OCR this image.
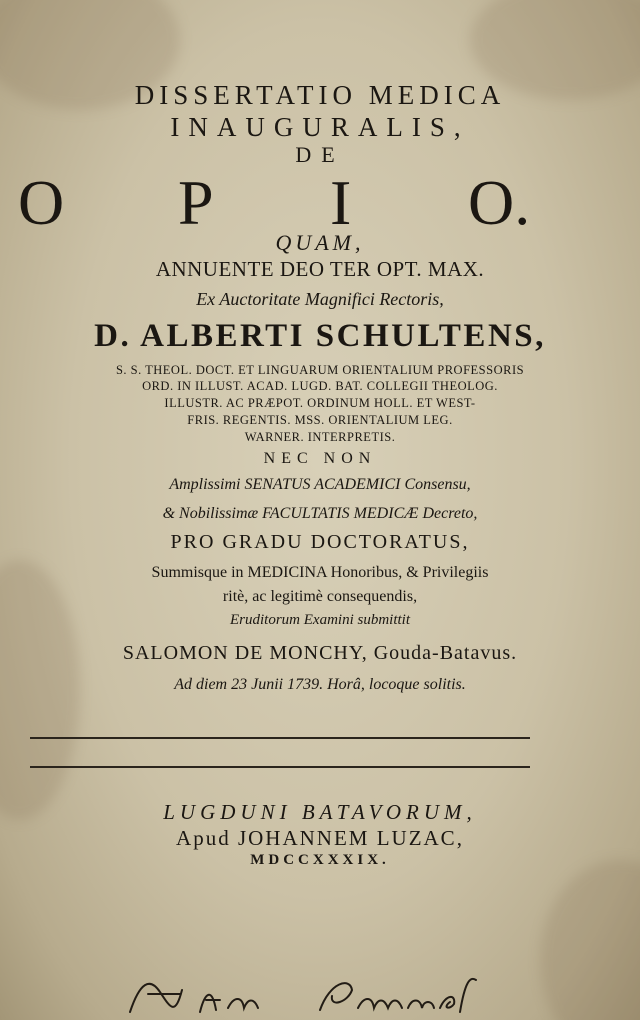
DISSERTATIO MEDICA
INAUGURALIS,
DE
O P I O.
QUAM,
ANNUENTE DEO TER OPT. MAX.
Ex Auctoritate Magnifici Rectoris,
D. ALBERTI SCHULTENS,
S. S. THEOL. DOCT. ET LINGUARUM ORIENTALIUM PROFESSORIS
ORD. IN ILLUST. ACAD. LUGD. BAT. COLLEGII THEOLOG.
ILLUSTR. AC PRÆPOT. ORDINUM HOLL. ET WEST-
FRIS. REGENTIS. MSS. ORIENTALIUM LEG.
WARNER. INTERPRETIS.
NEC NON
Amplissimi SENATUS ACADEMICI Consensu,
& Nobilissimæ FACULTATIS MEDICÆ Decreto,
PRO GRADU DOCTORATUS,
Summisque in MEDICINA Honoribus, & Privilegiis
ritè, ac legitimè consequendis,
Eruditorum Examini submittit
SALOMON DE MONCHY, Gouda-Batavus.
Ad diem 23 Junii 1739. Horâ, locoque solitis.
LUGDUNI BATAVORUM,
Apud JOHANNEM LUZAC,
MDCCXXXIX.
